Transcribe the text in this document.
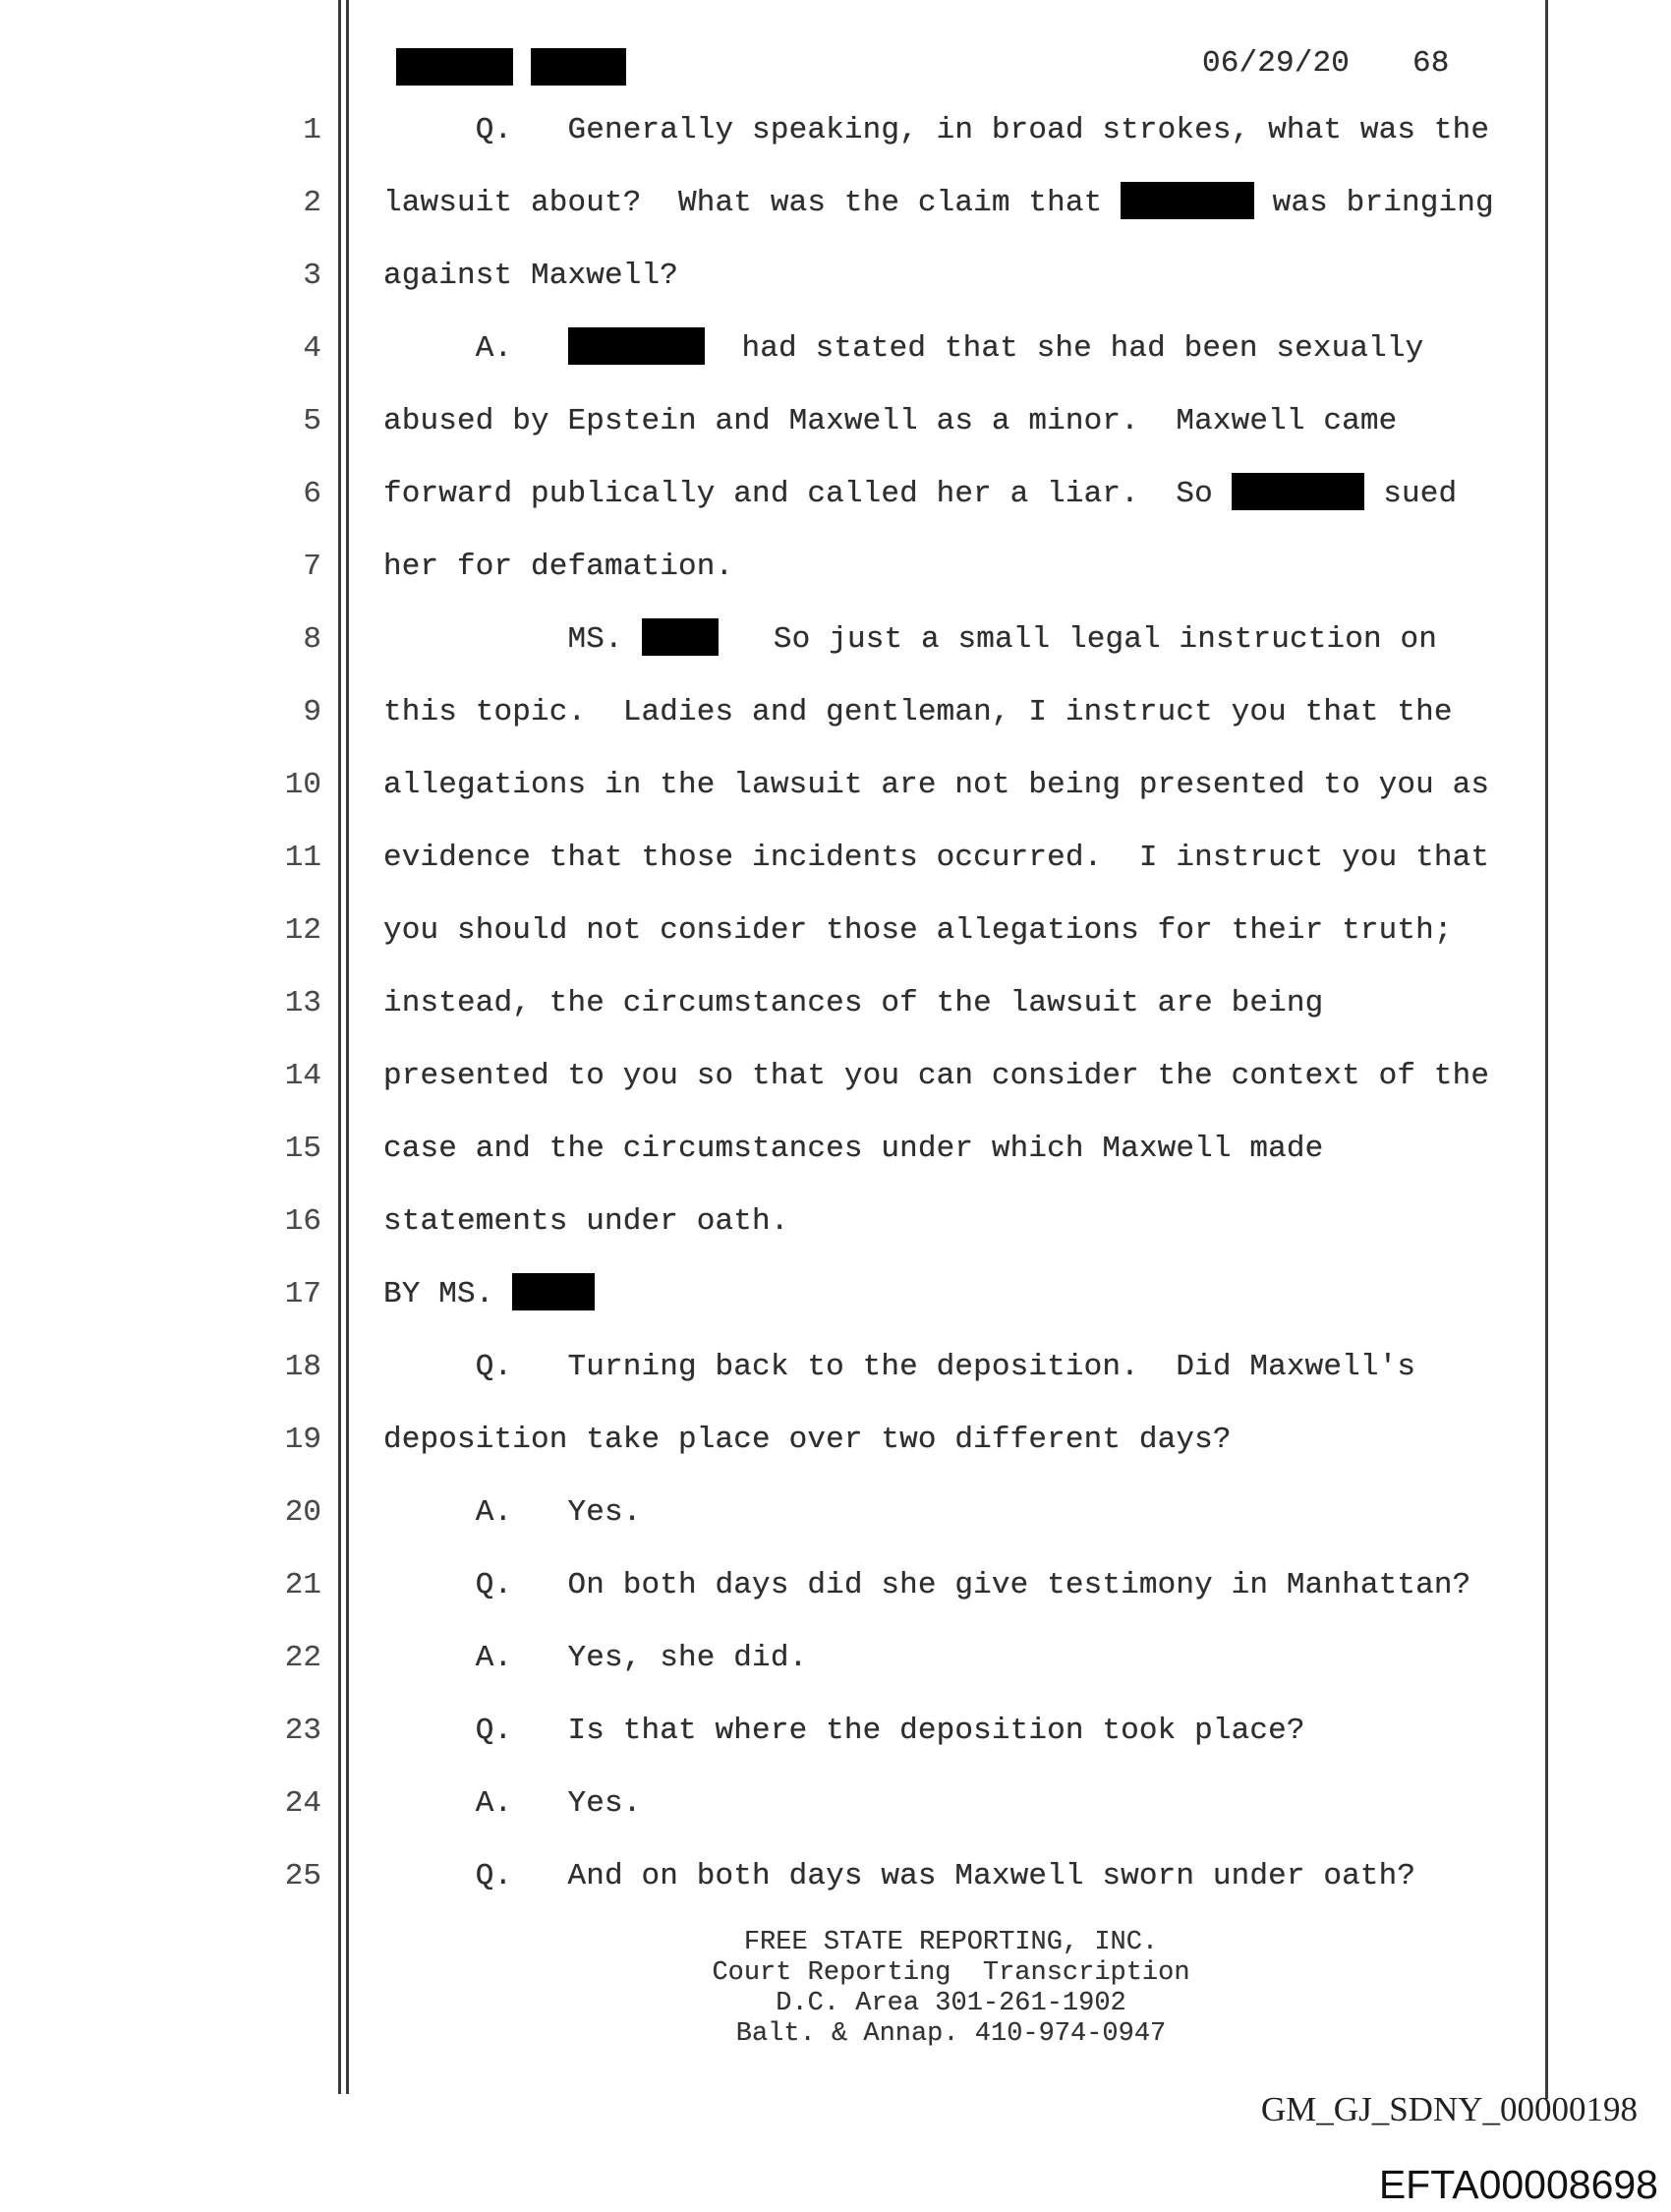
06/29/20 68
1 Q.   Generally speaking, in broad strokes, what was the
2 lawsuit about?  What was the claim that	was bringing
3 against Maxwell?
4 A.	had stated that she had been sexually
5 abused by Epstein and Maxwell as a minor.  Maxwell came
6 forward publically and called her a liar.  So	sued
7 her for defamation.
8 MS.	So just a small legal instruction on
9 this topic.  Ladies and gentleman, I instruct you that the
10 allegations in the lawsuit are not being presented to you as
11 evidence that those incidents occurred.  I instruct you that
12 you should not consider those allegations for their truth;
13 instead, the circumstances of the lawsuit are being
14 presented to you so that you can consider the context of the
15 case and the circumstances under which Maxwell made
16 statements under oath.
17 BY MS.
18 Q.   Turning back to the deposition.  Did Maxwell's
19 deposition take place over two different days?
20 A.   Yes.
21 Q.   On both days did she give testimony in Manhattan?
22 A.   Yes, she did.
23 Q.   Is that where the deposition took place?
24 A.   Yes.
25 Q.   And on both days was Maxwell sworn under oath?
FREE STATE REPORTING, INC.
Court Reporting  Transcription
D.C. Area 301-261-1902
Balt. & Annap. 410-974-0947
GM_GJ_SDNY_00000198
EFTA00008698
